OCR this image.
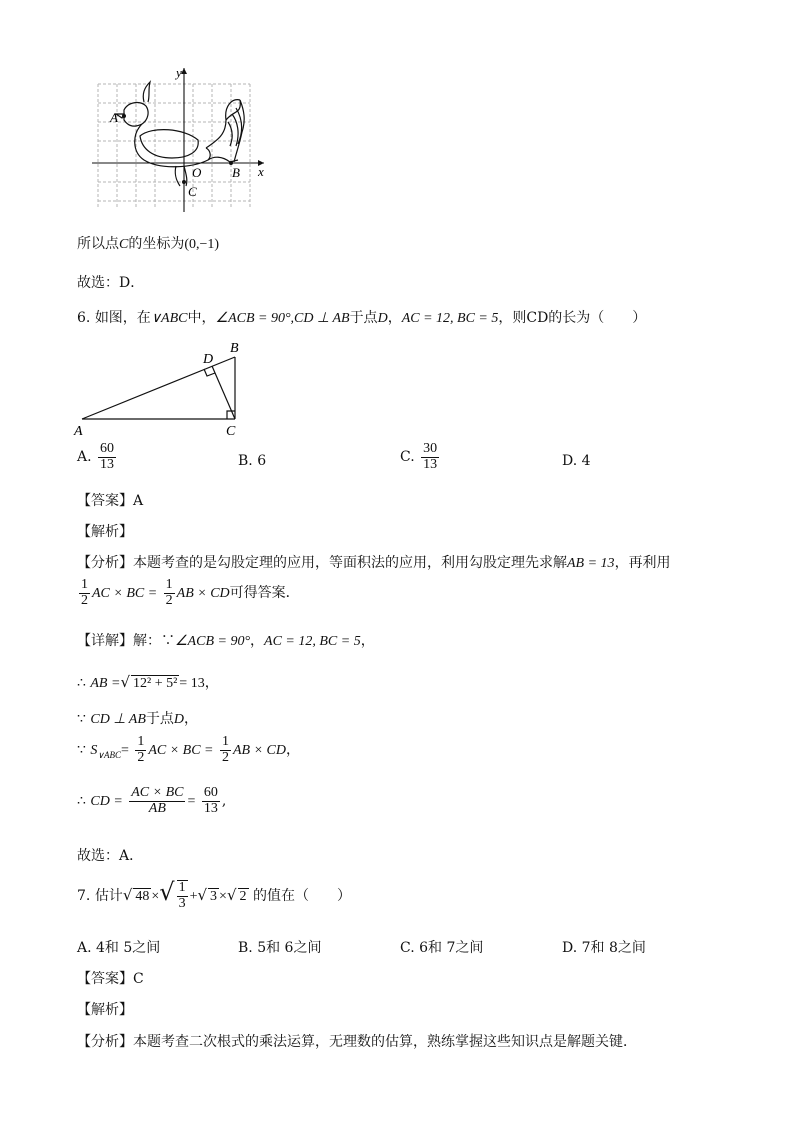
y
x
A
O B
C
所以点C的坐标为(0,−1)
故选：D．
6. 如图，在∨ABC中，∠ACB = 90°,CD ⊥ AB于点D，AC = 12, BC = 5，则CD的长为（　　）
A
B
C
D
A. $\frac{60}{13}$	B. 6	C. $\frac{30}{13}$	D. 4
【答案】A
【解析】
【分析】本题考查的是勾股定理的应用，等面积法的应用，利用勾股定理先求解AB = 13，再利用
$\frac{1}{2}$ AC × BC = $\frac{1}{2}$ AB × CD可得答案．
【详解】解：∵∠ACB = 90°，AC = 12, BC = 5，
∴ AB =√ 12² + 5² = 13，
∵ CD ⊥ AB于点D，
∵ $S_{\vee ABC}= \frac{1}{2}$ AC × BC = $\frac{1}{2}$ AB × CD，
∴ CD = $\frac{AC \times BC}{AB} = \frac{60}{13}$ ,
故选：A．
7. 估计√ 48 ×√ $\frac{1}{3}$ +√ 3 ×√ 2 的值在（　　）
A. 4和 5之间	B. 5和 6之间	C. 6和 7之间	D. 7和 8之间
【答案】C
【解析】
【分析】本题考查二次根式的乘法运算，无理数的估算，熟练掌握这些知识点是解题关键．
